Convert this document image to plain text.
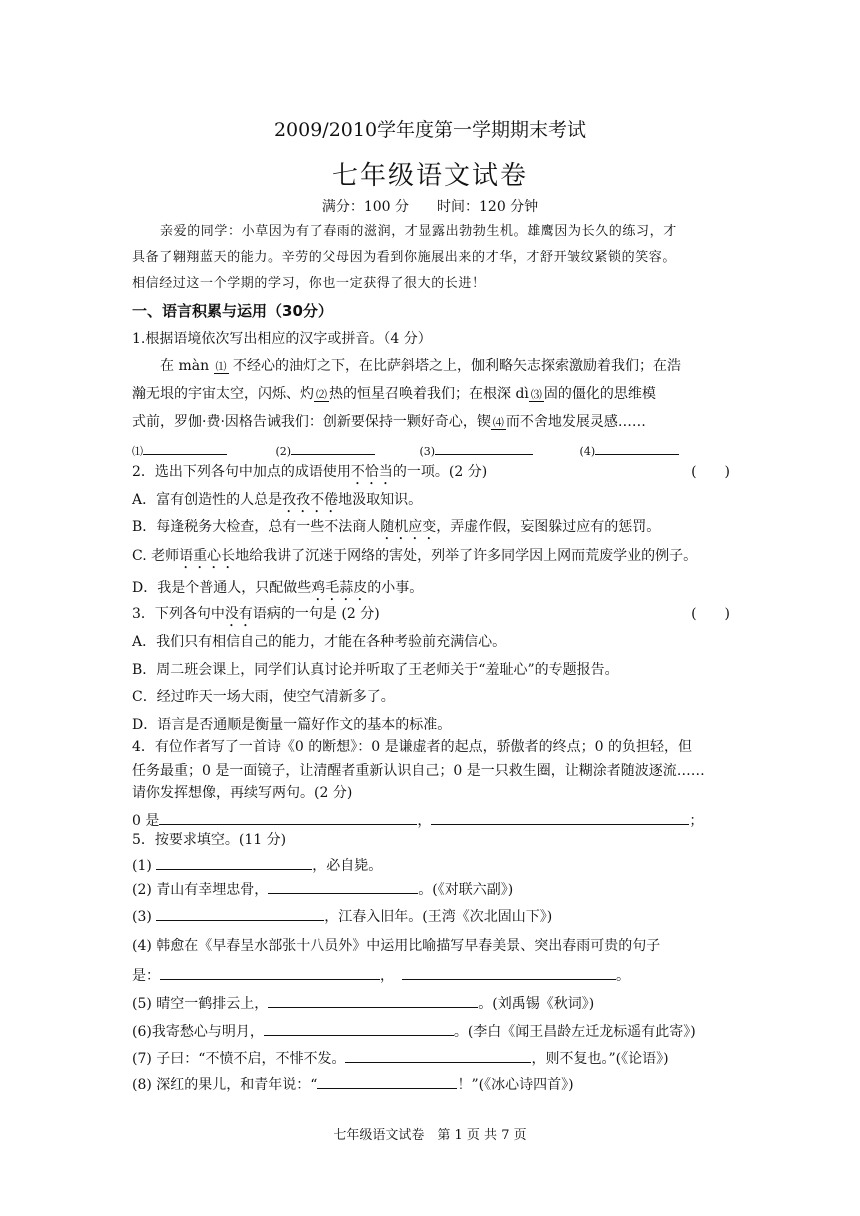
2009/2010学年度第一学期期末考试
七年级语文试卷
满分：100 分　　时间：120 分钟
亲爱的同学：小草因为有了春雨的滋润，才显露出勃勃生机。雄鹰因为长久的练习，才
具备了翱翔蓝天的能力。辛劳的父母因为看到你施展出来的才华，才舒开皱纹紧锁的笑容。
相信经过这一个学期的学习，你也一定获得了很大的长进！
一、语言积累与运用（30分）
1.根据语境依次写出相应的汉字或拼音。（4 分）
在 màn ⑴ 不经心的油灯之下，在比萨斜塔之上，伽利略矢志探索激励着我们；在浩
瀚无垠的宇宙太空，闪烁、灼 ⑵ 热的恒星召唤着我们；在根深 dì ⑶ 固的僵化的思维模
式前，罗伽·费·因格告诫我们：创新要保持一颗好奇心，锲 ⑷ 而不舍地发展灵感……
⑴	(2)	(3)	(4)
2．选出下列各句中加点的成语使用不恰当的一项。(2 分)	(　　)
A．富有创造性的人总是孜孜不倦地汲取知识。
B．每逢税务大检查，总有一些不法商人随机应变，弄虚作假，妄图躲过应有的惩罚。
C. 老师语重心长地给我讲了沉迷于网络的害处，列举了许多同学因上网而荒废学业的例子。
D．我是个普通人，只配做些鸡毛蒜皮的小事。
3．下列各句中没有语病的一句是 (2 分)	(　　)
A．我们只有相信自己的能力，才能在各种考验前充满信心。
B．周二班会课上，同学们认真讨论并听取了王老师关于“羞耻心”的专题报告。
C．经过昨天一场大雨，使空气清新多了。
D．语言是否通顺是衡量一篇好作文的基本的标准。
4．有位作者写了一首诗《0 的断想》：0 是谦虚者的起点，骄傲者的终点；0 的负担轻，但
任务最重；0 是一面镜子，让清醒者重新认识自己；0 是一只救生圈，让糊涂者随波逐流……
请你发挥想像，再续写两句。(2 分)
0 是	，	；
5．按要求填空。(11 分)
(1)	，必自毙。
(2) 青山有幸埋忠骨，	。(《对联六副》)
(3)	，江春入旧年。(王湾《次北固山下》)
(4) 韩愈在《早春呈水部张十八员外》中运用比喻描写早春美景、突出春雨可贵的句子
是：	，	。
(5) 晴空一鹤排云上，	。(刘禹锡《秋词》)
(6)我寄愁心与明月，	。(李白《闻王昌龄左迁龙标遥有此寄》)
(7) 子曰：“不愤不启，不悱不发。	，则不复也。”(《论语》)
(8) 深红的果儿，和青年说：“	！”(《冰心诗四首》)
七年级语文试卷　第 1 页 共 7 页
